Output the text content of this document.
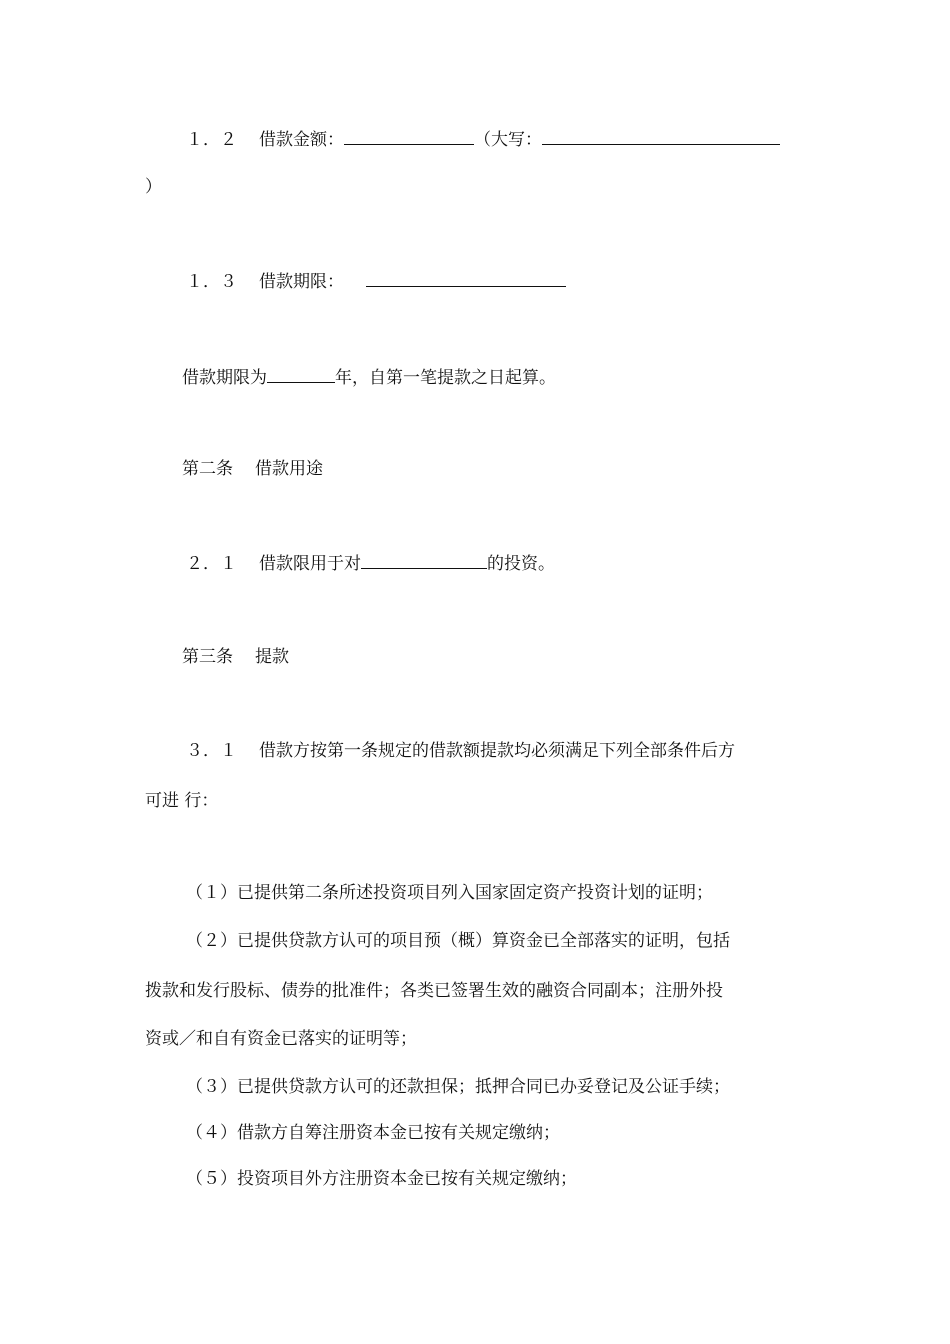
１．２ 借款金额：	（大写：
）
１．３ 借款期限：
借款期限为	年，自第一笔提款之日起算。
第二条 借款用途
２．１ 借款限用于对	的投资。
第三条 提款
３．１ 借款方按第一条规定的借款额提款均必须满足下列全部条件后方
可进 行：
（１）已提供第二条所述投资项目列入国家固定资产投资计划的证明；
（２）已提供贷款方认可的项目预（概）算资金已全部落实的证明，包括
拨款和发行股标、债券的批准件；各类已签署生效的融资合同副本；注册外投
资或／和自有资金已落实的证明等；
（３）已提供贷款方认可的还款担保；抵押合同已办妥登记及公证手续；
（４）借款方自筹注册资本金已按有关规定缴纳；
（５）投资项目外方注册资本金已按有关规定缴纳；
